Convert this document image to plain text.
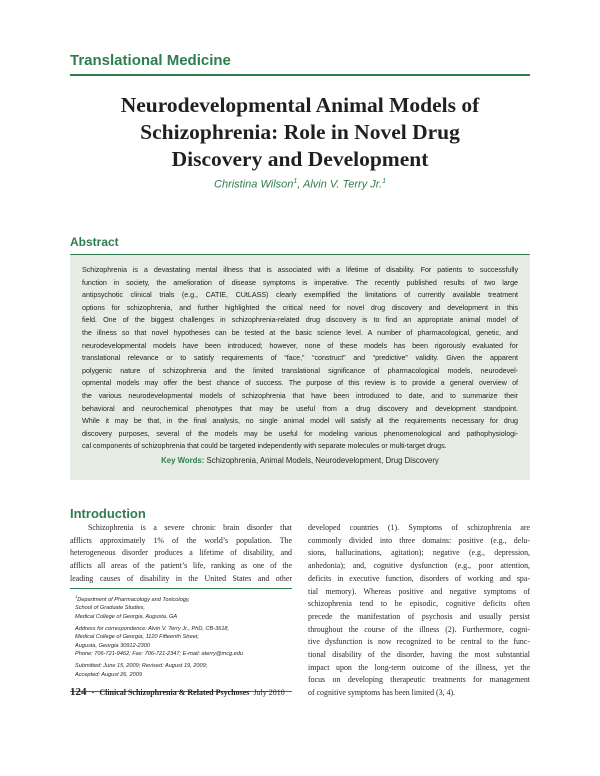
Translational Medicine
Neurodevelopmental Animal Models of
Schizophrenia: Role in Novel Drug
Discovery and Development
Christina Wilson$^1$, Alvin V. Terry Jr.$^1$
Abstract
Schizophrenia is a devastating mental illness that is associated with a lifetime of disability. For patients to successfully
function in society, the amelioration of disease symptoms is imperative. The recently published results of two large
antipsychotic clinical trials (e.g., CATIE, CUtLASS) clearly exemplified the limitations of currently available treatment
options for schizophrenia, and further highlighted the critical need for novel drug discovery and development in this
field. One of the biggest challenges in schizophrenia-related drug discovery is to find an appropriate animal model of
the illness so that novel hypotheses can be tested at the basic science level. A number of pharmacological, genetic, and
neurodevelopmental models have been introduced; however, none of these models has been rigorously evaluated for
translational relevance or to satisfy requirements of “face,” “construct” and “predictive” validity. Given the apparent
polygenic nature of schizophrenia and the limited translational significance of pharmacological models, neurodevel-
opmental models may offer the best chance of success. The purpose of this review is to provide a general overview of
the various neurodevelopmental models of schizophrenia that have been introduced to date, and to summarize their
behavioral and neurochemical phenotypes that may be useful from a drug discovery and development standpoint.
While it may be that, in the final analysis, no single animal model will satisfy all the requirements necessary for drug
discovery purposes, several of the models may be useful for modeling various phenomenological and pathophysiologi-
cal components of schizophrenia that could be targeted independently with separate molecules or multi-target drugs.
Key Words: Schizophrenia, Animal Models, Neurodevelopment, Drug Discovery
Introduction
Schizophrenia is a severe chronic brain disorder that
afflicts approximately 1% of the world’s population. The
heterogeneous disorder produces a lifetime of disability, and
afflicts all areas of the patient’s life, ranking as one of the
leading causes of disability in the United States and other
developed countries (1). Symptoms of schizophrenia are
commonly divided into three domains: positive (e.g., delu-
sions, hallucinations, agitation); negative (e.g., depression,
anhedonia); and, cognitive dysfunction (e.g., poor attention,
deficits in executive function, disorders of working and spa-
tial memory). Whereas positive and negative symptoms of
schizophrenia tend to be episodic, cognitive deficits often
precede the manifestation of psychosis and usually persist
throughout the course of the illness (2). Furthermore, cogni-
tive dysfunction is now recognized to be central to the func-
tional disability of the disorder, having the most substantial
impact upon the long-term outcome of the illness, yet the
focus on developing therapeutic treatments for management
of cognitive symptoms has been limited (3, 4).
$^1$Department of Pharmacology and Toxicology,
School of Graduate Studies,
Medical College of Georgia, Augusta, GA
Address for correspondence: Alvin V. Terry Jr., PhD, CB-3618,
Medical College of Georgia, 1120 Fifteenth Street,
Augusta, Georgia 30912-2300
Phone: 706-721-9462; Fax: 706-721-2347; E-mail: aterry@mcg.edu
Submitted: June 15, 2009; Revised: August 19, 2009;
Accepted: August 26, 2009
124 • Clinical Schizophrenia & Related Psychoses July 2010
